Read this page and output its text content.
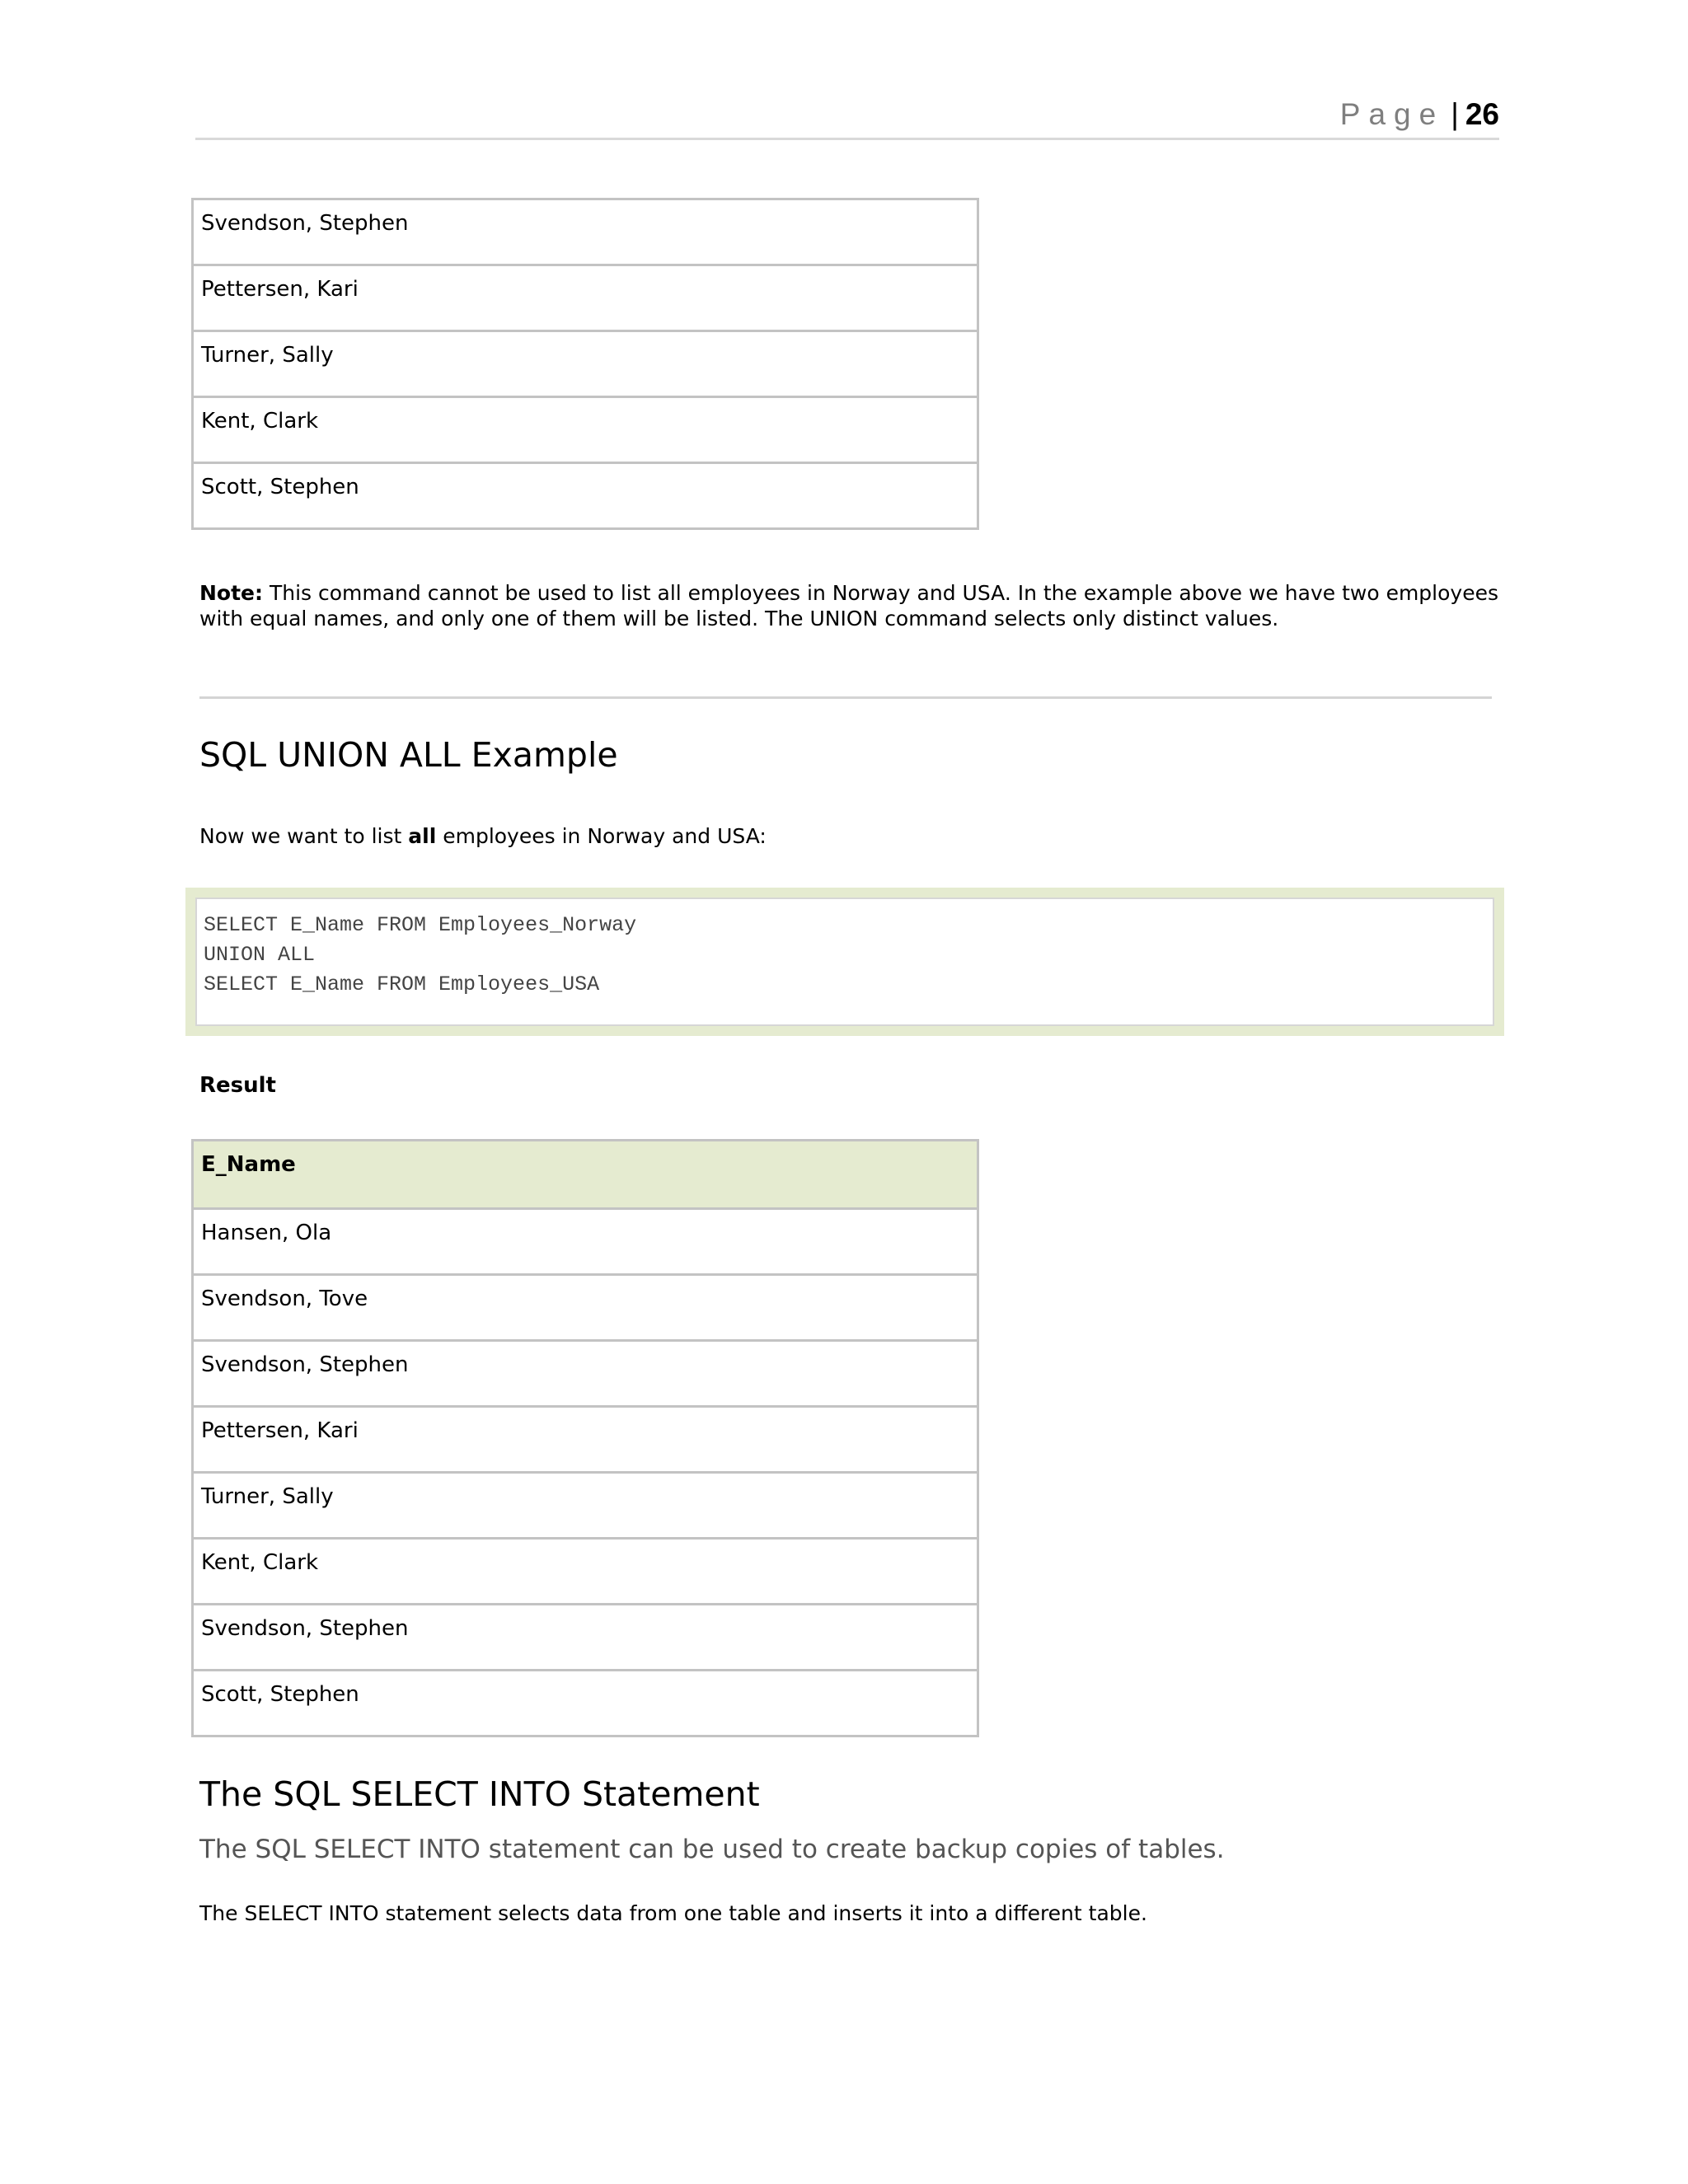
Page | 26
Svendson, Stephen
Pettersen, Kari
Turner, Sally
Kent, Clark
Scott, Stephen
Note: This command cannot be used to list all employees in Norway and USA. In the example above we have two employees with equal names, and only one of them will be listed. The UNION command selects only distinct values.
SQL UNION ALL Example
Now we want to list all employees in Norway and USA:
SELECT E_Name FROM Employees_Norway
UNION ALL
SELECT E_Name FROM Employees_USA
Result
E_Name
Hansen, Ola
Svendson, Tove
Svendson, Stephen
Pettersen, Kari
Turner, Sally
Kent, Clark
Svendson, Stephen
Scott, Stephen
The SQL SELECT INTO Statement
The SQL SELECT INTO statement can be used to create backup copies of tables.
The SELECT INTO statement selects data from one table and inserts it into a different table.
